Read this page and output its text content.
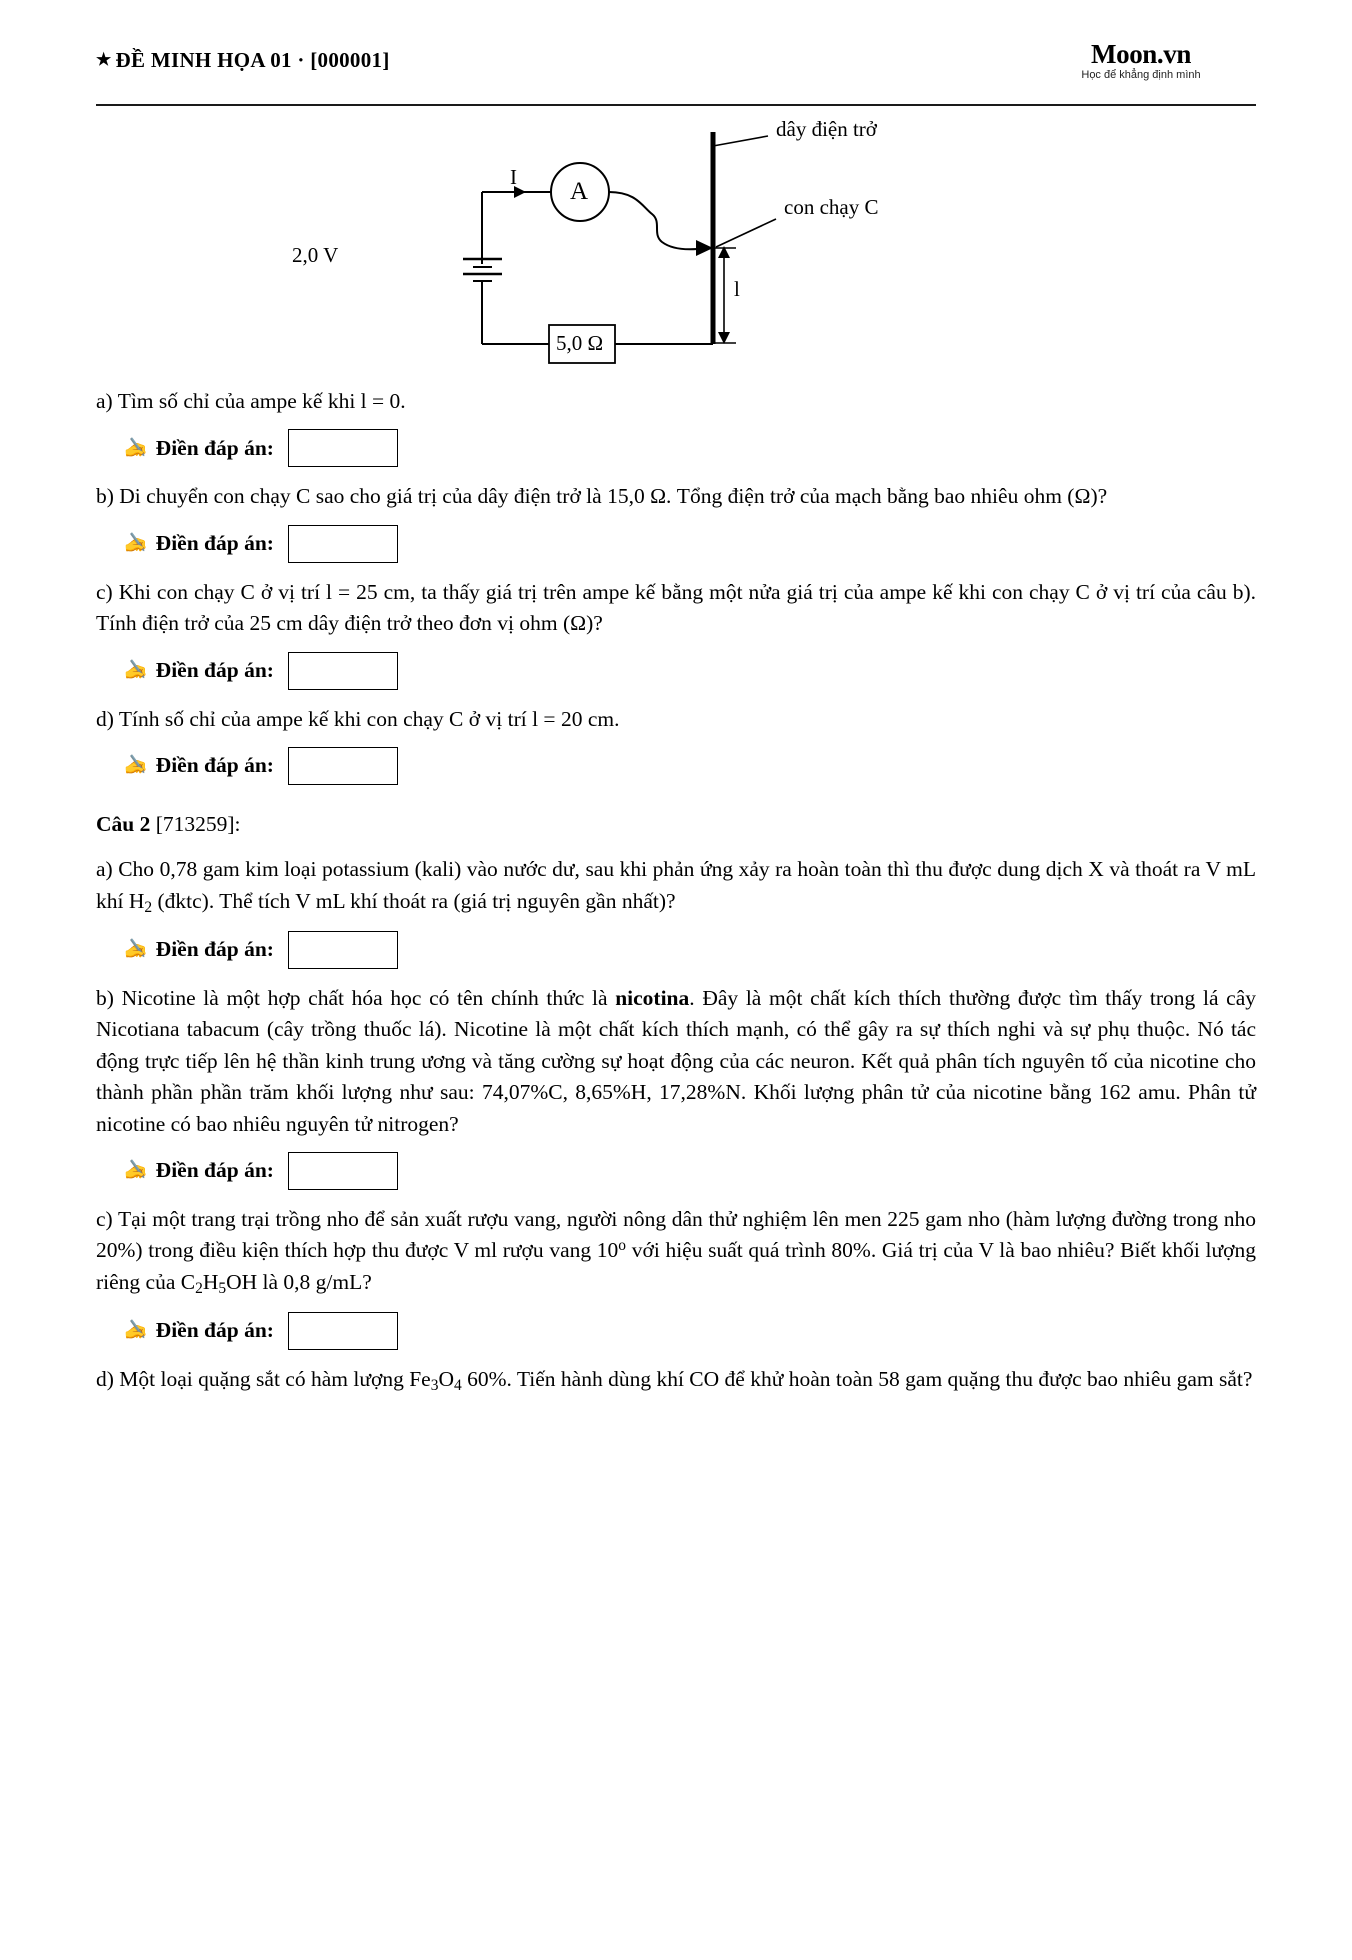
★ ĐỀ MINH HỌA 01 · [000001]	Moon.vn
Học để khẳng định mình
2,0 V
I
A
5,0 Ω
dây điện trở
con chạy C
l

a) Tìm số chỉ của ampe kế khi l = 0.

✍ Điền đáp án:

b) Di chuyển con chạy C sao cho giá trị của dây điện trở là 15,0 Ω. Tổng điện trở của mạch bằng bao nhiêu ohm (Ω)?

✍ Điền đáp án:

c) Khi con chạy C ở vị trí l = 25 cm, ta thấy giá trị trên ampe kế bằng một nửa giá trị của ampe kế khi con chạy C ở vị trí của câu b). Tính điện trở của 25 cm dây điện trở theo đơn vị ohm (Ω)?

✍ Điền đáp án:

d) Tính số chỉ của ampe kế khi con chạy C ở vị trí l = 20 cm.

✍ Điền đáp án:

Câu 2 [713259]:

a) Cho 0,78 gam kim loại potassium (kali) vào nước dư, sau khi phản ứng xảy ra hoàn toàn thì thu được dung dịch X và thoát ra V mL khí $H_2$ (đktc). Thể tích V mL khí thoát ra (giá trị nguyên gần nhất)?

✍ Điền đáp án:

b) Nicotine là một hợp chất hóa học có tên chính thức là nicotina. Đây là một chất kích thích thường được tìm thấy trong lá cây Nicotiana tabacum (cây trồng thuốc lá). Nicotine là một chất kích thích mạnh, có thể gây ra sự thích nghi và sự phụ thuộc. Nó tác động trực tiếp lên hệ thần kinh trung ương và tăng cường sự hoạt động của các neuron. Kết quả phân tích nguyên tố của nicotine cho thành phần phần trăm khối lượng như sau: 74,07%C, 8,65%H, 17,28%N. Khối lượng phân tử của nicotine bằng 162 amu. Phân tử nicotine có bao nhiêu nguyên tử nitrogen?

✍ Điền đáp án:

c) Tại một trang trại trồng nho để sản xuất rượu vang, người nông dân thử nghiệm lên men 225 gam nho (hàm lượng đường trong nho 20%) trong điều kiện thích hợp thu được V ml rượu vang 10$^o$ với hiệu suất quá trình 80%. Giá trị của V là bao nhiêu? Biết khối lượng riêng của $C_2H_5OH$ là 0,8 g/mL?

✍ Điền đáp án:

d) Một loại quặng sắt có hàm lượng $Fe_3O_4$ 60%. Tiến hành dùng khí CO để khử hoàn toàn 58 gam quặng thu được bao nhiêu gam sắt?
